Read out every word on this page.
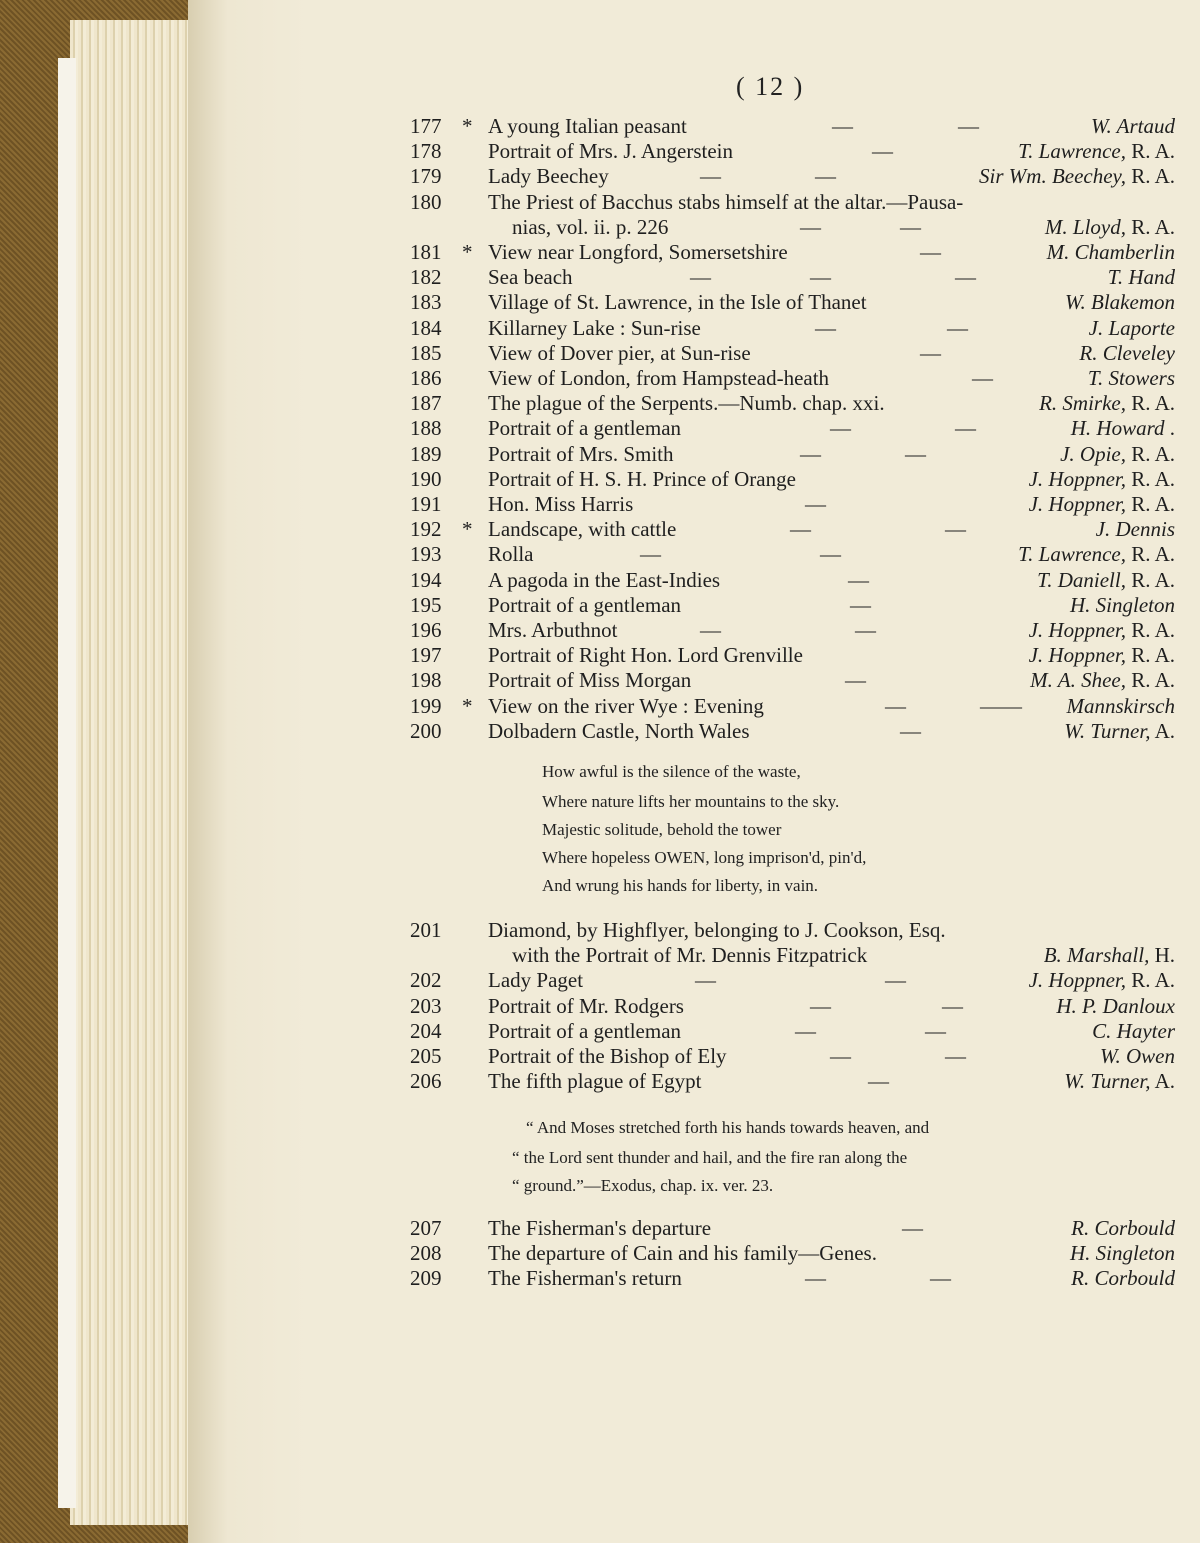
( 12 )
177 * A young Italian peasant	—	—	W. Artaud
178	Portrait of Mrs. J. Angerstein	—	T. Lawrence, R. A.
179	Lady Beechey	—	—	Sir Wm. Beechey, R. A.
180	The Priest of Bacchus stabs himself at the altar.—Pausa-
nias, vol. ii. p. 226	—	—	M. Lloyd, R. A.
181 * View near Longford, Somersetshire	—	M. Chamberlin
182	Sea beach	—	—	—	T. Hand
183	Village of St. Lawrence, in the Isle of Thanet	W. Blakemon
184	Killarney Lake : Sun-rise	—	—	J. Laporte
185	View of Dover pier, at Sun-rise	—	R. Cleveley
186	View of London, from Hampstead-heath	—	T. Stowers
187	The plague of the Serpents.—Numb. chap. xxi.	R. Smirke, R. A.
188	Portrait of a gentleman	—	—	H. Howard .
189	Portrait of Mrs. Smith	—	—	J. Opie, R. A.
190	Portrait of H. S. H. Prince of Orange	J. Hoppner, R. A.
191	Hon. Miss Harris	—	J. Hoppner, R. A.
192 * Landscape, with cattle	—	—	J. Dennis
193	Rolla	—	—	T. Lawrence, R. A.
194	A pagoda in the East-Indies	—	T. Daniell, R. A.
195	Portrait of a gentleman	—	H. Singleton
196	Mrs. Arbuthnot	—	—	J. Hoppner, R. A.
197	Portrait of Right Hon. Lord Grenville	J. Hoppner, R. A.
198	Portrait of Miss Morgan	—	M. A. Shee, R. A.
199 * View on the river Wye : Evening	—	—— Mannskirsch
200	Dolbadern Castle, North Wales	—	W. Turner, A.
How awful is the silence of the waste,
Where nature lifts her mountains to the sky.
Majestic solitude, behold the tower
Where hopeless OWEN, long imprison'd, pin'd,
And wrung his hands for liberty, in vain.
201	Diamond, by Highflyer, belonging to J. Cookson, Esq.
with the Portrait of Mr. Dennis Fitzpatrick	B. Marshall, H.
202	Lady Paget	—	—	J. Hoppner, R. A.
203	Portrait of Mr. Rodgers	—	—	H. P. Danloux
204	Portrait of a gentleman	—	—	C. Hayter
205	Portrait of the Bishop of Ely	—	—	W. Owen
206	The fifth plague of Egypt	—	W. Turner, A.
“ And Moses stretched forth his hands towards heaven, and
“ the Lord sent thunder and hail, and the fire ran along the
“ ground.”—Exodus, chap. ix. ver. 23.
207	The Fisherman's departure	—	R. Corbould
208	The departure of Cain and his family—Genes.	H. Singleton
209	The Fisherman's return	—	—	R. Corbould
